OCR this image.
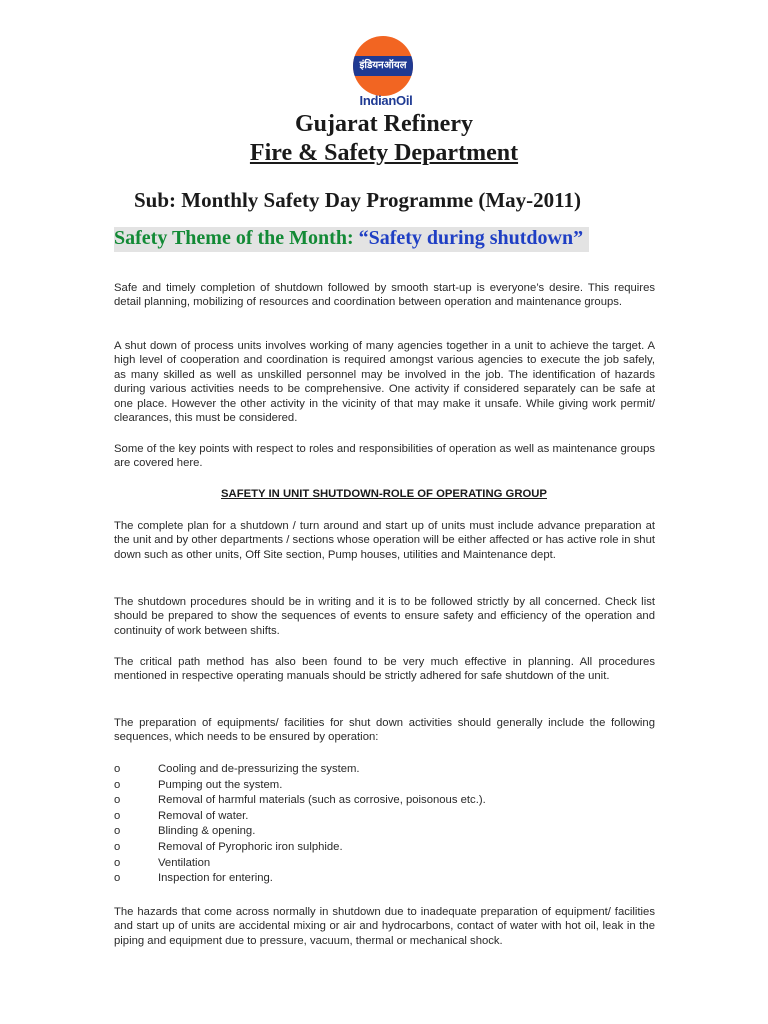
इंडियनऑयल
IndianOil
Gujarat Refinery
Fire & Safety Department
Sub: Monthly Safety Day Programme (May-2011)
Safety Theme of the Month: “Safety during shutdown”
Safe and timely completion of shutdown followed by smooth start-up is everyone’s desire. This requires detail planning, mobilizing of resources and coordination between operation and maintenance groups.
A shut down of process units involves working of many agencies together in a unit to achieve the target. A high level of cooperation and coordination is required amongst various agencies to execute the job safely, as many skilled as well as unskilled personnel may be involved in the job. The identification of hazards during various activities needs to be comprehensive. One activity if considered separately can be safe at one place. However the other activity in the vicinity of that may make it unsafe. While giving work permit/ clearances, this must be considered.
Some of the key points with respect to roles and responsibilities of operation as well as maintenance groups are covered here.
SAFETY IN UNIT SHUTDOWN-ROLE OF OPERATING GROUP
The complete plan for a shutdown / turn around and start up of units must include advance preparation at the unit and by other departments / sections whose operation will be either affected or has active role in shut down such as other units, Off Site section, Pump houses, utilities and Maintenance dept.
The shutdown procedures should be in writing and it is to be followed strictly by all concerned. Check list should be prepared to show the sequences of events to ensure safety and efficiency of the operation and continuity of work between shifts.
The critical path method has also been found to be very much effective in planning. All procedures mentioned in respective operating manuals should be strictly adhered for safe shutdown of the unit.
The preparation of equipments/ facilities for shut down activities should generally include the following sequences, which needs to be ensured by operation:
o	Cooling and de-pressurizing the system.
o	Pumping out the system.
o	Removal of harmful materials (such as corrosive, poisonous etc.).
o	Removal of water.
o	Blinding & opening.
o	Removal of Pyrophoric iron sulphide.
o	Ventilation
o	Inspection for entering.
The hazards that come across normally in shutdown due to inadequate preparation of equipment/ facilities and start up of units are accidental mixing or air and hydrocarbons, contact of water with hot oil, leak in the piping and equipment due to pressure, vacuum, thermal or mechanical shock.
